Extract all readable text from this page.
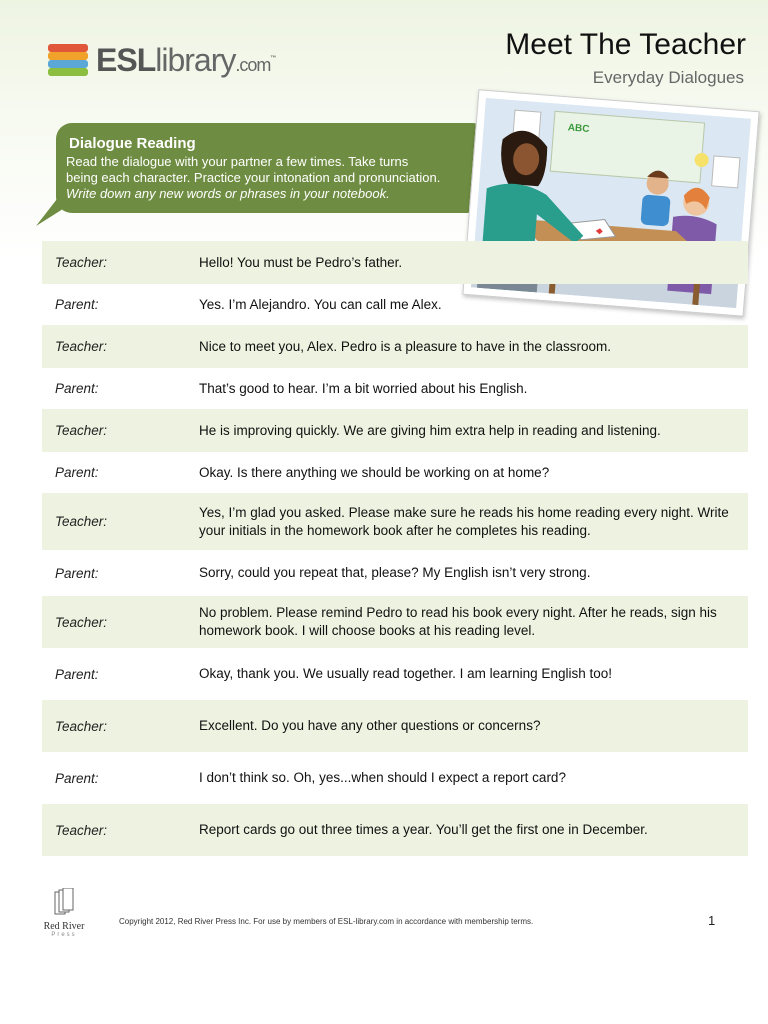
ESLlibrary.com™	Meet The Teacher
Everyday Dialogues
Dialogue Reading

Read the dialogue with your partner a few times. Take turns

being each character. Practice your intonation and pronunciation.

Write down any new words or phrases in your notebook.

ABC
Teacher:	Hello! You must be Pedro’s father.
Parent:	Yes. I’m Alejandro. You can call me Alex.
Teacher:	Nice to meet you, Alex. Pedro is a pleasure to have in the classroom.
Parent:	That’s good to hear. I’m a bit worried about his English.
Teacher:	He is improving quickly. We are giving him extra help in reading and listening.
Parent:	Okay. Is there anything we should be working on at home?
Teacher:
Yes, I’m glad you asked. Please make sure he reads his home reading every night. Write your initials in the homework book after he completes his reading.
Parent:	Sorry, could you repeat that, please? My English isn’t very strong.
Teacher:
No problem. Please remind Pedro to read his book every night. After he reads, sign his homework book. I will choose books at his reading level.
Parent:	Okay, thank you. We usually read together. I am learning English too!
Teacher:	Excellent. Do you have any other questions or concerns?
Parent:	I don’t think so. Oh, yes...when should I expect a report card?
Teacher:	Report cards go out three times a year. You’ll get the first one in December.
Red River
Press
Copyright 2012, Red River Press Inc. For use by members of ESL-library.com in accordance with membership terms.	1
